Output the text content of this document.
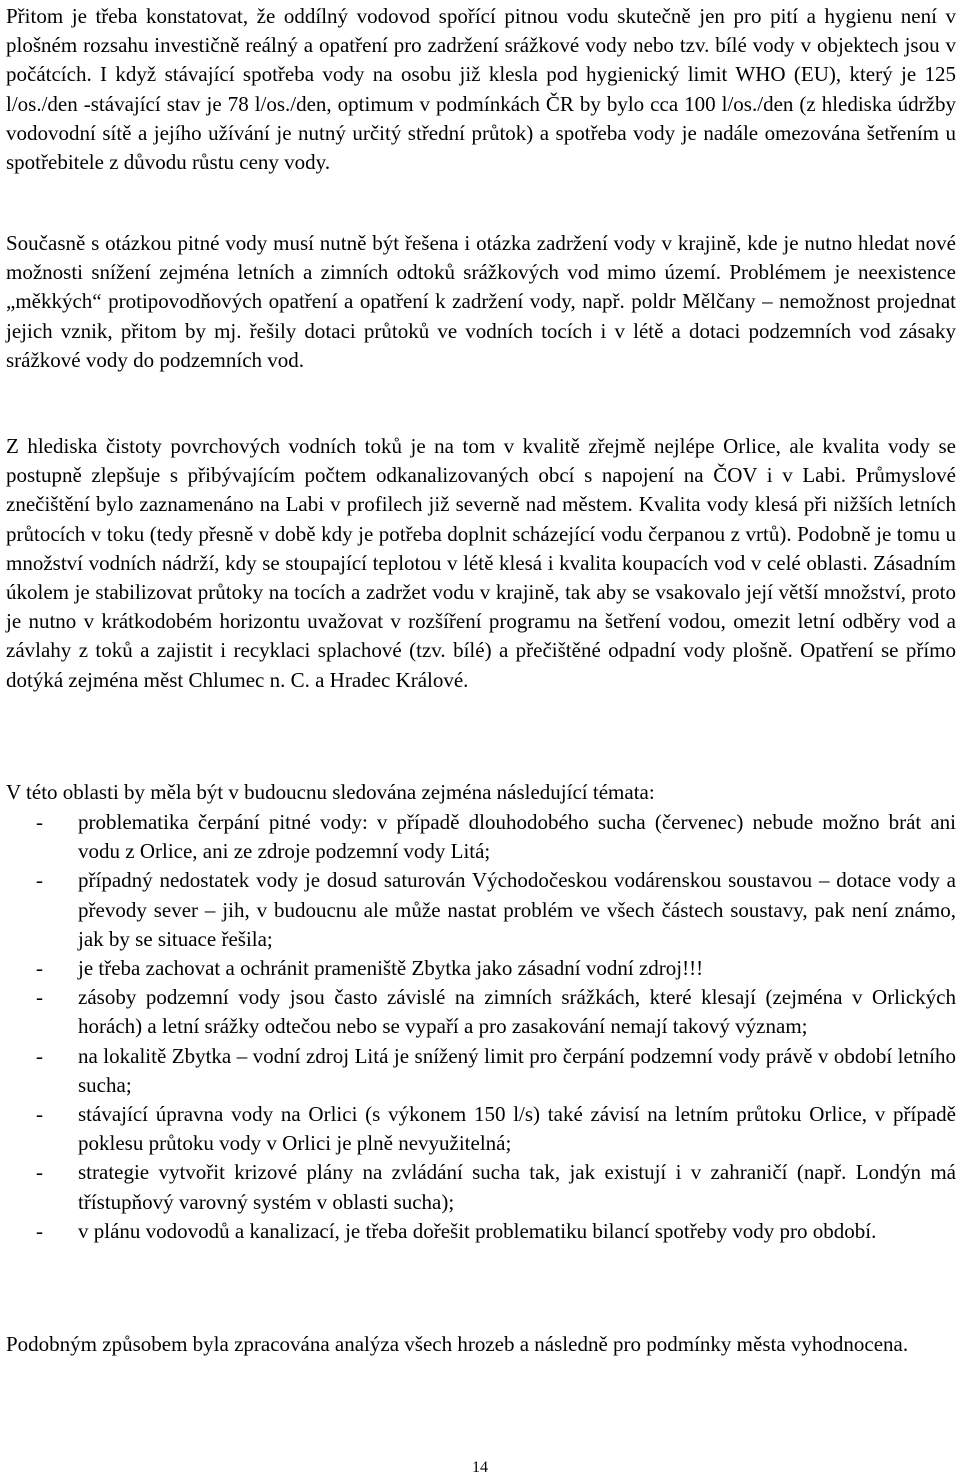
Přitom je třeba konstatovat, že oddílný vodovod spořící pitnou vodu skutečně jen pro pití a hygienu není v plošném rozsahu investičně reálný a opatření pro zadržení srážkové vody nebo tzv. bílé vody v objektech jsou v počátcích. I když stávající spotřeba vody na osobu již klesla pod hygienický limit WHO (EU), který je 125 l/os./den -stávající stav je 78 l/os./den, optimum v podmínkách ČR by bylo cca 100 l/os./den (z hlediska údržby vodovodní sítě a jejího užívání je nutný určitý střední průtok) a spotřeba vody je nadále omezována šetřením u spotřebitele z důvodu růstu ceny vody.

Současně s otázkou pitné vody musí nutně být řešena i otázka zadržení vody v krajině, kde je nutno hledat nové možnosti snížení zejména letních a zimních odtoků srážkových vod mimo území. Problémem je neexistence „měkkých“ protipovodňových opatření a opatření k zadržení vody, např. poldr Mělčany – nemožnost projednat jejich vznik, přitom by mj. řešily dotaci průtoků ve vodních tocích i v létě a dotaci podzemních vod zásaky srážkové vody do podzemních vod.

Z hlediska čistoty povrchových vodních toků je na tom v kvalitě zřejmě nejlépe Orlice, ale kvalita vody se postupně zlepšuje s přibývajícím počtem odkanalizovaných obcí s napojení na ČOV i v Labi. Průmyslové znečištění bylo zaznamenáno na Labi v profilech již severně nad městem. Kvalita vody klesá při nižších letních průtocích v toku (tedy přesně v době kdy je potřeba doplnit scházející vodu čerpanou z vrtů). Podobně je tomu u množství vodních nádrží, kdy se stoupající teplotou v létě klesá i kvalita koupacích vod v celé oblasti. Zásadním úkolem je stabilizovat průtoky na tocích a zadržet vodu v krajině, tak aby se vsakovalo její větší množství, proto je nutno v krátkodobém horizontu uvažovat v rozšíření programu na šetření vodou, omezit letní odběry vod a závlahy z toků a zajistit i recyklaci splachové (tzv. bílé) a přečištěné odpadní vody plošně. Opatření se přímo dotýká zejména měst Chlumec n. C. a Hradec Králové.

V této oblasti by měla být v budoucnu sledována zejména následující témata:

-	problematika čerpání pitné vody: v případě dlouhodobého sucha (červenec) nebude možno brát ani vodu z Orlice, ani ze zdroje podzemní vody Litá;
-	případný nedostatek vody je dosud saturován Východočeskou vodárenskou soustavou – dotace vody a převody sever – jih, v budoucnu ale může nastat problém ve všech částech soustavy, pak není známo, jak by se situace řešila;
-	je třeba zachovat a ochránit prameniště Zbytka jako zásadní vodní zdroj!!!
-	zásoby podzemní vody jsou často závislé na zimních srážkách, které klesají (zejména v Orlických horách) a letní srážky odtečou nebo se vypaří a pro zasakování nemají takový význam;
-	na lokalitě Zbytka – vodní zdroj Litá je snížený limit pro čerpání podzemní vody právě v období letního sucha;
-	stávající úpravna vody na Orlici (s výkonem 150 l/s) také závisí na letním průtoku Orlice, v případě poklesu průtoku vody v Orlici je plně nevyužitelná;
-	strategie vytvořit krizové plány na zvládání sucha tak, jak existují i v zahraničí (např. Londýn má třístupňový varovný systém v oblasti sucha);
-	v plánu vodovodů a kanalizací, je třeba dořešit problematiku bilancí spotřeby vody pro období.

Podobným způsobem byla zpracována analýza všech hrozeb a následně pro podmínky města vyhodnocena.

14
